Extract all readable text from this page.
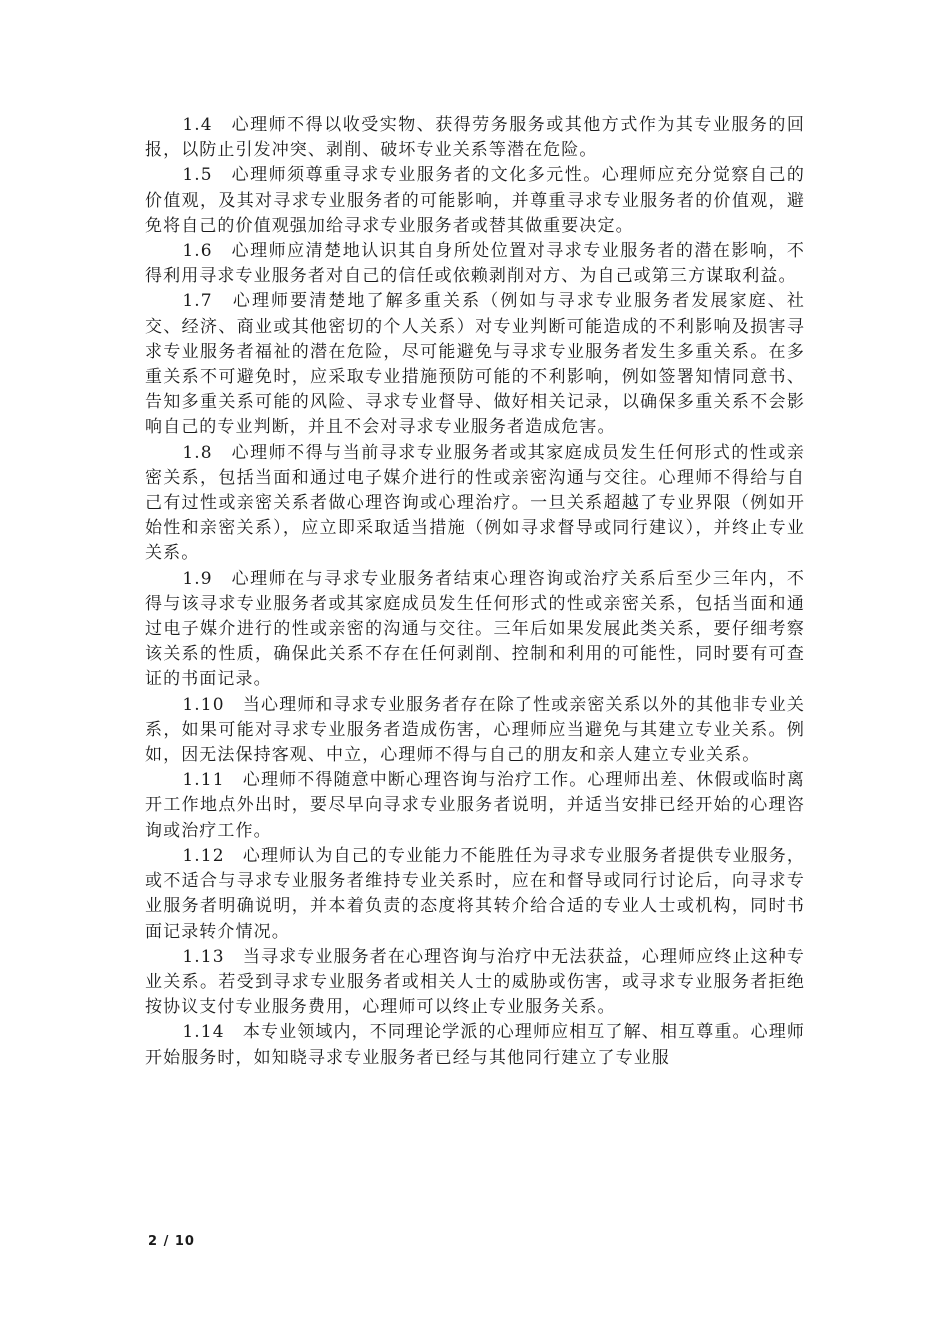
1.4　心理师不得以收受实物、获得劳务服务或其他方式作为其专业服务的回报，以防止引发冲突、剥削、破坏专业关系等潜在危险。

1.5　心理师须尊重寻求专业服务者的文化多元性。心理师应充分觉察自己的价值观，及其对寻求专业服务者的可能影响，并尊重寻求专业服务者的价值观，避免将自己的价值观强加给寻求专业服务者或替其做重要决定。

1.6　心理师应清楚地认识其自身所处位置对寻求专业服务者的潜在影响，不得利用寻求专业服务者对自己的信任或依赖剥削对方、为自己或第三方谋取利益。

1.7　心理师要清楚地了解多重关系（例如与寻求专业服务者发展家庭、社交、经济、商业或其他密切的个人关系）对专业判断可能造成的不利影响及损害寻求专业服务者福祉的潜在危险，尽可能避免与寻求专业服务者发生多重关系。在多重关系不可避免时，应采取专业措施预防可能的不利影响，例如签署知情同意书、告知多重关系可能的风险、寻求专业督导、做好相关记录，以确保多重关系不会影响自己的专业判断，并且不会对寻求专业服务者造成危害。

1.8　心理师不得与当前寻求专业服务者或其家庭成员发生任何形式的性或亲密关系，包括当面和通过电子媒介进行的性或亲密沟通与交往。心理师不得给与自己有过性或亲密关系者做心理咨询或心理治疗。一旦关系超越了专业界限（例如开始性和亲密关系），应立即采取适当措施（例如寻求督导或同行建议），并终止专业关系。

1.9　心理师在与寻求专业服务者结束心理咨询或治疗关系后至少三年内，不得与该寻求专业服务者或其家庭成员发生任何形式的性或亲密关系，包括当面和通过电子媒介进行的性或亲密的沟通与交往。三年后如果发展此类关系，要仔细考察该关系的性质，确保此关系不存在任何剥削、控制和利用的可能性，同时要有可查证的书面记录。

1.10　当心理师和寻求专业服务者存在除了性或亲密关系以外的其他非专业关系，如果可能对寻求专业服务者造成伤害，心理师应当避免与其建立专业关系。例如，因无法保持客观、中立，心理师不得与自己的朋友和亲人建立专业关系。

1.11　心理师不得随意中断心理咨询与治疗工作。心理师出差、休假或临时离开工作地点外出时，要尽早向寻求专业服务者说明，并适当安排已经开始的心理咨询或治疗工作。

1.12　心理师认为自己的专业能力不能胜任为寻求专业服务者提供专业服务，或不适合与寻求专业服务者维持专业关系时，应在和督导或同行讨论后，向寻求专业服务者明确说明，并本着负责的态度将其转介给合适的专业人士或机构，同时书面记录转介情况。

1.13　当寻求专业服务者在心理咨询与治疗中无法获益，心理师应终止这种专业关系。若受到寻求专业服务者或相关人士的威胁或伤害，或寻求专业服务者拒绝按协议支付专业服务费用，心理师可以终止专业服务关系。

1.14　本专业领域内，不同理论学派的心理师应相互了解、相互尊重。心理师开始服务时，如知晓寻求专业服务者已经与其他同行建立了专业服

2 / 10
